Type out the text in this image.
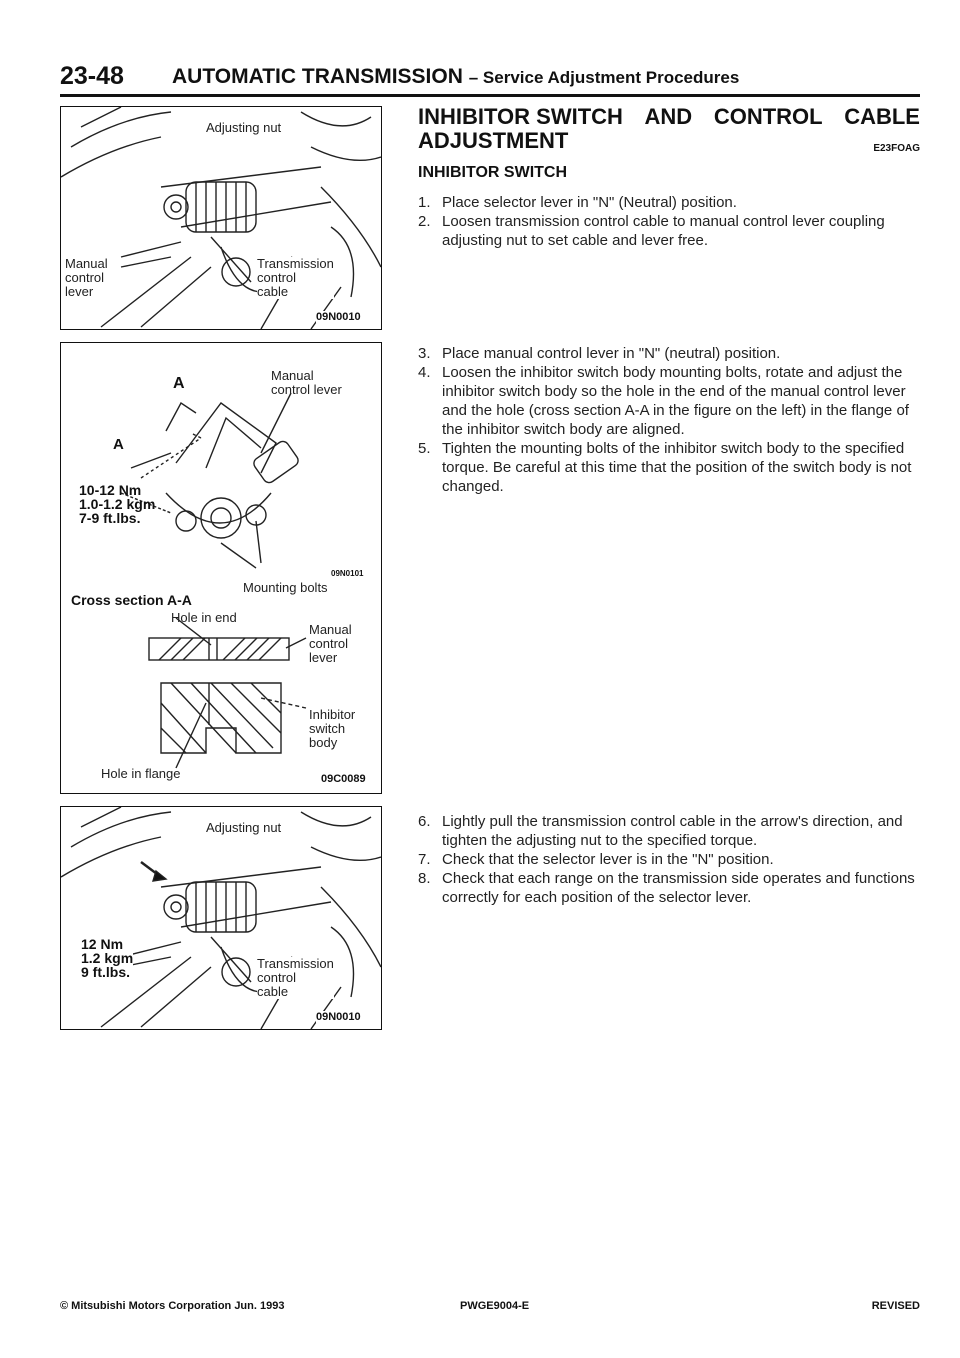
23-48 AUTOMATIC TRANSMISSION – Service Adjustment Procedures
Adjusting nut
Manual
control
lever
Transmission
control
cable
09N0010
A
A
Manual
control lever
10-12 Nm
1.0-1.2 kgm
7-9 ft.lbs.
09N0101
Mounting bolts
Cross section A-A
Hole in end
Manual
control
lever
Inhibitor
switch
body
Hole in flange	09C0089
Adjusting nut
12 Nm
1.2 kgm
9 ft.lbs.
Transmission
control
cable
09N0010
INHIBITOR SWITCH AND CONTROL CABLE
ADJUSTMENT	E23FOAG
INHIBITOR SWITCH
1. Place selector lever in "N" (Neutral) position.
2. Loosen transmission control cable to manual control lever coupling adjusting nut to set cable and lever free.
3. Place manual control lever in "N" (neutral) position.
4. Loosen the inhibitor switch body mounting bolts, rotate and adjust the inhibitor switch body so the hole in the end of the manual control lever and the hole (cross section A-A in the figure on the left) in the flange of the inhibitor switch body are aligned.
5. Tighten the mounting bolts of the inhibitor switch body to the specified torque. Be careful at this time that the position of the switch body is not changed.
6. Lightly pull the transmission control cable in the arrow's direction, and tighten the adjusting nut to the specified torque.
7. Check that the selector lever is in the "N" position.
8. Check that each range on the transmission side operates and functions correctly for each position of the selector lever.
© Mitsubishi Motors Corporation Jun. 1993	PWGE9004-E	REVISED
